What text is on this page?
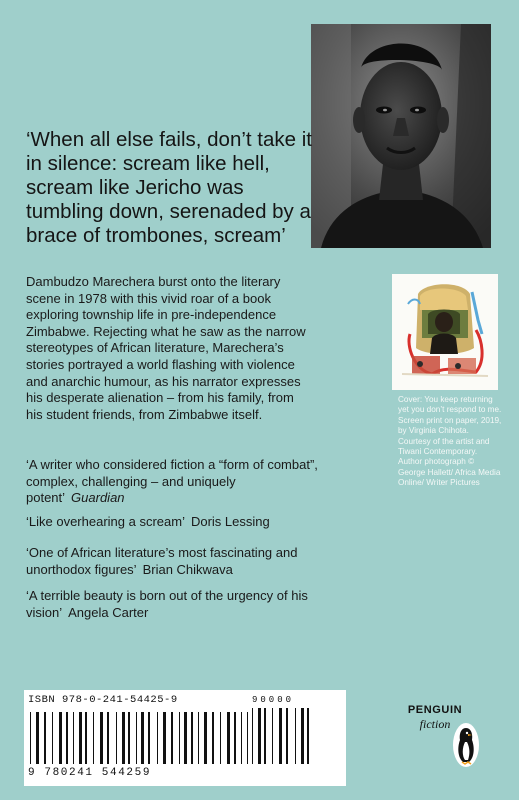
‘When all else fails, don’t take it in silence: scream like hell, scream like Jericho was tumbling down, serenaded by a brace of trombones, scream’

Dambudzo Marechera burst onto the literary scene in 1978 with this vivid roar of a book exploring township life in pre-independence Zimbabwe. Rejecting what he saw as the narrow stereotypes of African literature, Marechera’s stories portrayed a world flashing with violence and anarchic humour, as his narrator expresses his desperate alienation – from his family, from his student friends, from Zimbabwe itself.

‘A writer who considered fiction a “form of combat”, complex, challenging – and uniquely potent’ Guardian

‘Like overhearing a scream’ Doris Lessing

‘One of African literature’s most fascinating and unorthodox figures’ Brian Chikwava

‘A terrible beauty is born out of the urgency of his vision’ Angela Carter

Cover: You keep returning yet you don’t respond to me. Screen print on paper, 2019, by Virginia Chihota. Courtesy of the artist and Tiwani Contemporary. Author photograph © George Hallett/ Africa Media Online/ Writer Pictures

ISBN 978-0-241-54425-9	90000
9 780241 544259
PENGUIN
fiction
